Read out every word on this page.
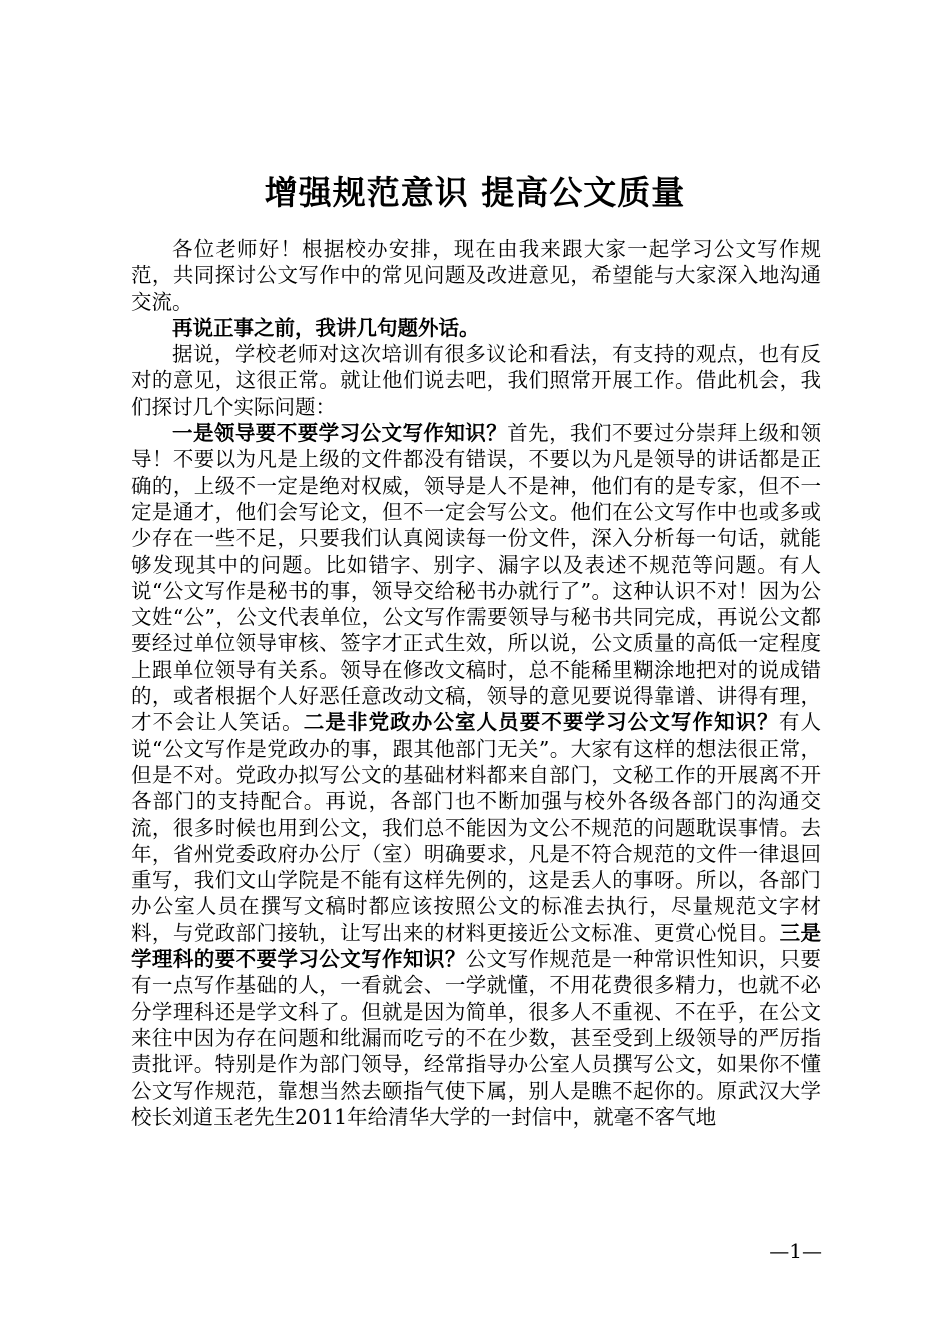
增强规范意识 提高公文质量

各位老师好！根据校办安排，现在由我来跟大家一起学习公文写作规范，共同探讨公文写作中的常见问题及改进意见，希望能与大家深入地沟通交流。

再说正事之前，我讲几句题外话。

据说，学校老师对这次培训有很多议论和看法，有支持的观点，也有反对的意见，这很正常。就让他们说去吧，我们照常开展工作。借此机会，我们探讨几个实际问题：

一是领导要不要学习公文写作知识？首先，我们不要过分崇拜上级和领导！不要以为凡是上级的文件都没有错误，不要以为凡是领导的讲话都是正确的，上级不一定是绝对权威，领导是人不是神，他们有的是专家，但不一定是通才，他们会写论文，但不一定会写公文。他们在公文写作中也或多或少存在一些不足，只要我们认真阅读每一份文件，深入分析每一句话，就能够发现其中的问题。比如错字、别字、漏字以及表述不规范等问题。有人说“公文写作是秘书的事，领导交给秘书办就行了”。这种认识不对！因为公文姓“公”，公文代表单位，公文写作需要领导与秘书共同完成，再说公文都要经过单位领导审核、签字才正式生效，所以说，公文质量的高低一定程度上跟单位领导有关系。领导在修改文稿时，总不能稀里糊涂地把对的说成错的，或者根据个人好恶任意改动文稿，领导的意见要说得靠谱、讲得有理，才不会让人笑话。二是非党政办公室人员要不要学习公文写作知识？有人说“公文写作是党政办的事，跟其他部门无关”。大家有这样的想法很正常，但是不对。党政办拟写公文的基础材料都来自部门，文秘工作的开展离不开各部门的支持配合。再说，各部门也不断加强与校外各级各部门的沟通交流，很多时候也用到公文，我们总不能因为文公不规范的问题耽误事情。去年，省州党委政府办公厅（室）明确要求，凡是不符合规范的文件一律退回重写，我们文山学院是不能有这样先例的，这是丢人的事呀。所以，各部门办公室人员在撰写文稿时都应该按照公文的标准去执行，尽量规范文字材料，与党政部门接轨，让写出来的材料更接近公文标准、更赏心悦目。三是学理科的要不要学习公文写作知识？公文写作规范是一种常识性知识，只要有一点写作基础的人，一看就会、一学就懂，不用花费很多精力，也就不必分学理科还是学文科了。但就是因为简单，很多人不重视、不在乎，在公文来往中因为存在问题和纰漏而吃亏的不在少数，甚至受到上级领导的严厉指责批评。特别是作为部门领导，经常指导办公室人员撰写公文，如果你不懂公文写作规范，靠想当然去颐指气使下属，别人是瞧不起你的。原武汉大学校长刘道玉老先生2011年给清华大学的一封信中，就毫不客气地

—1—
